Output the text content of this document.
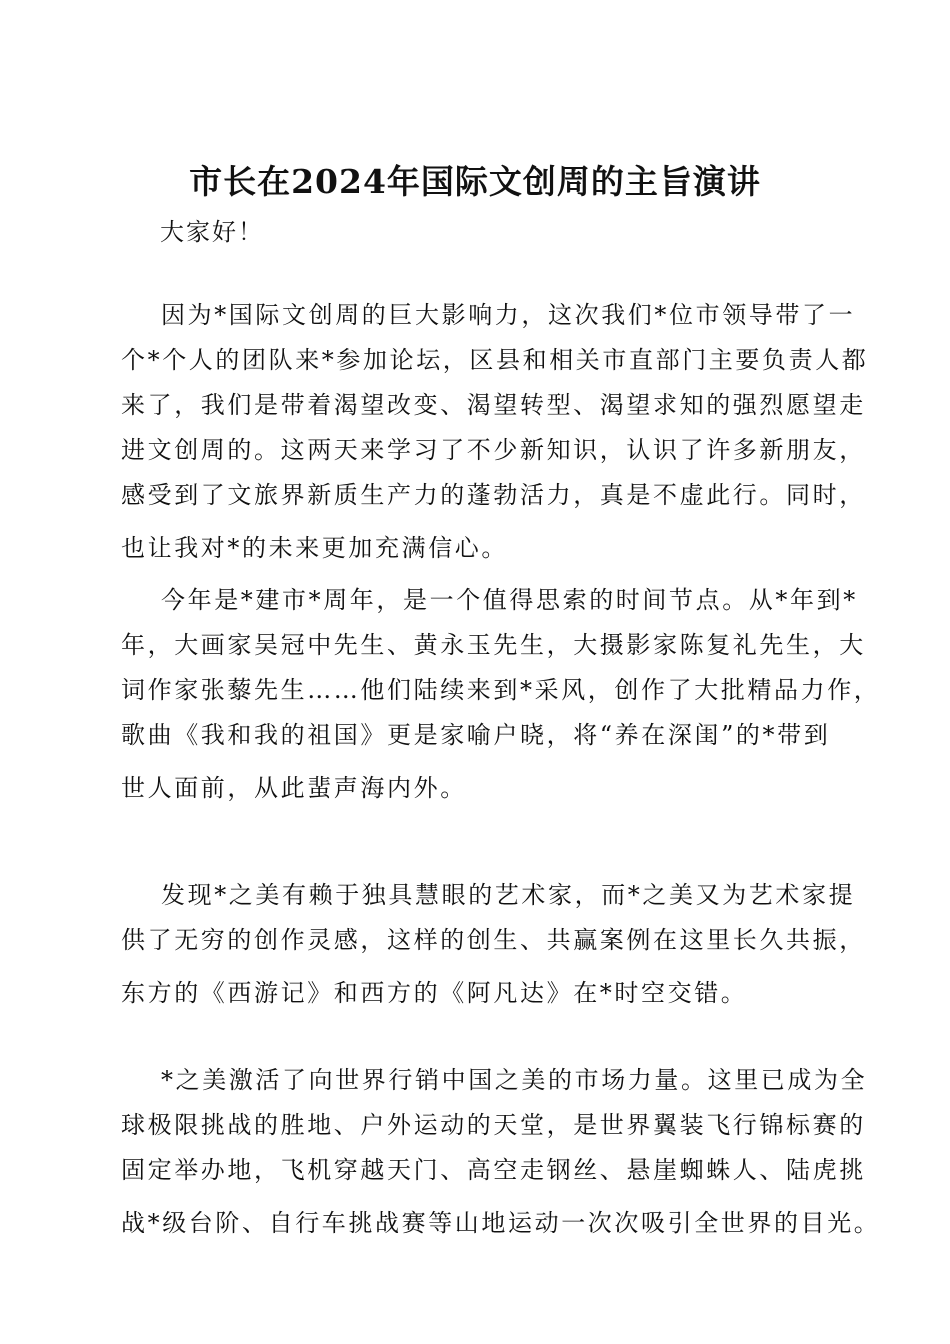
市长在2024年国际文创周的主旨演讲
大家好！
因为*国际文创周的巨大影响力，这次我们*位市领导带了一
个*个人的团队来*参加论坛，区县和相关市直部门主要负责人都
来了，我们是带着渴望改变、渴望转型、渴望求知的强烈愿望走
进文创周的。这两天来学习了不少新知识，认识了许多新朋友，
感受到了文旅界新质生产力的蓬勃活力，真是不虚此行。同时，
也让我对*的未来更加充满信心。
今年是*建市*周年，是一个值得思索的时间节点。从*年到*
年，大画家吴冠中先生、黄永玉先生，大摄影家陈复礼先生，大
词作家张藜先生……他们陆续来到*采风，创作了大批精品力作，
歌曲《我和我的祖国》更是家喻户晓，将“养在深闺”的*带到
世人面前，从此蜚声海内外。
发现*之美有赖于独具慧眼的艺术家，而*之美又为艺术家提
供了无穷的创作灵感，这样的创生、共赢案例在这里长久共振，
东方的《西游记》和西方的《阿凡达》在*时空交错。
*之美激活了向世界行销中国之美的市场力量。这里已成为全
球极限挑战的胜地、户外运动的天堂，是世界翼装飞行锦标赛的
固定举办地，飞机穿越天门、高空走钢丝、悬崖蜘蛛人、陆虎挑
战*级台阶、自行车挑战赛等山地运动一次次吸引全世界的目光。
